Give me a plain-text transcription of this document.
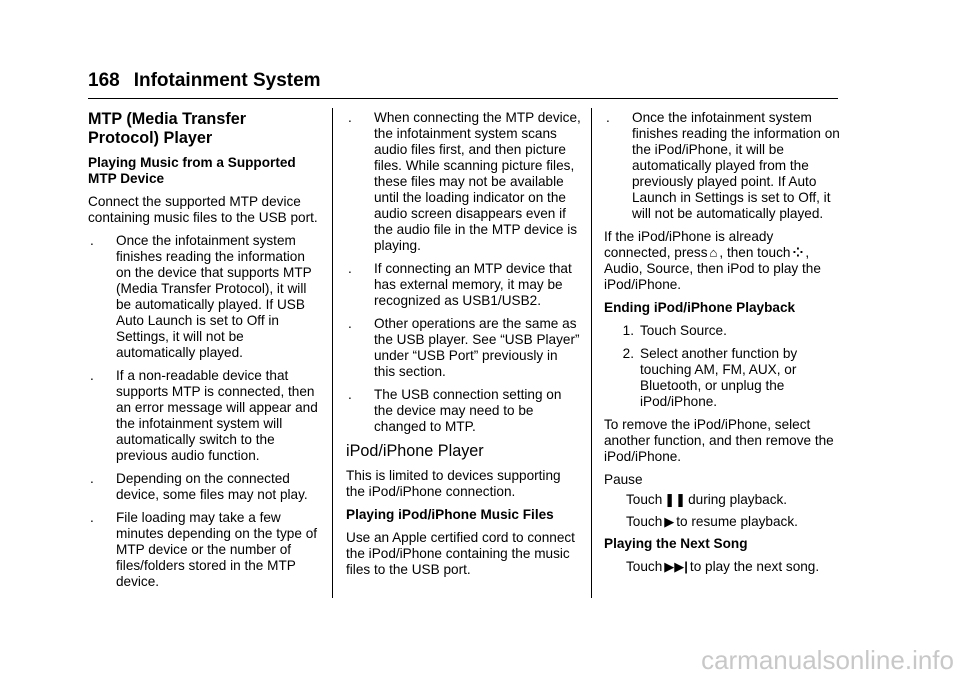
168 Infotainment System
MTP (Media Transfer Protocol) Player
Playing Music from a Supported MTP Device

Connect the supported MTP device containing music files to the USB port.

.	Once the infotainment system finishes reading the information on the device that supports MTP (Media Transfer Protocol), it will be automatically played. If USB Auto Launch is set to Off in Settings, it will not be automatically played.
.	If a non-readable device that supports MTP is connected, then an error message will appear and the infotainment system will automatically switch to the previous audio function.
.	Depending on the connected device, some files may not play.
.	File loading may take a few minutes depending on the type of MTP device or the number of files/folders stored in the MTP device.
.	When connecting the MTP device, the infotainment system scans audio files first, and then picture files. While scanning picture files, these files may not be available until the loading indicator on the audio screen disappears even if the audio file in the MTP device is playing.
.	If connecting an MTP device that has external memory, it may be recognized as USB1/USB2.
.	Other operations are the same as the USB player. See “USB Player” under “USB Port” previously in this section.
.	The USB connection setting on the device may need to be changed to MTP.
iPod/iPhone Player

This is limited to devices supporting the iPod/iPhone connection.

Playing iPod/iPhone Music Files

Use an Apple certified cord to connect the iPod/iPhone containing the music files to the USB port.

.	Once the infotainment system finishes reading the information on the iPod/iPhone, it will be automatically played from the previously played point. If Auto Launch in Settings is set to Off, it will not be automatically played.

If the iPod/iPhone is already connected, press ⌂ , then touch ⁘ , Audio, Source, then iPod to play the iPod/iPhone.

Ending iPod/iPhone Playback
1. Touch Source.
2. Select another function by touching AM, FM, AUX, or Bluetooth, or unplug the iPod/iPhone.

To remove the iPod/iPhone, select another function, and then remove the iPod/iPhone.

Pause

Touch ❚❚ during playback.

Touch ▶ to resume playback.

Playing the Next Song

Touch ▶▶| to play the next song.

carmanualsonline.info
